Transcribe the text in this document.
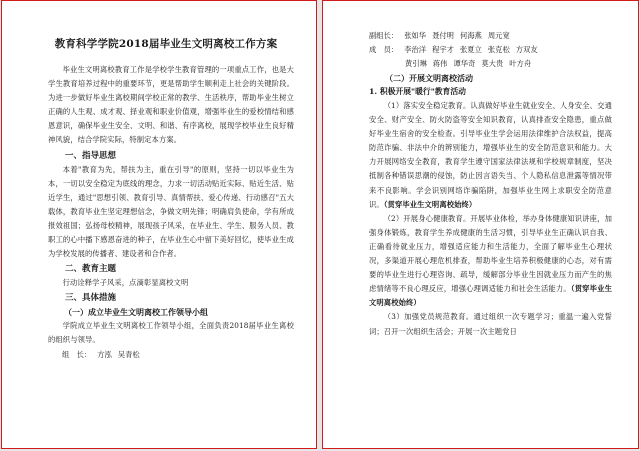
教育科学学院2018届毕业生文明离校工作方案

毕业生文明离校教育工作是学校学生教育管理的一项重点工作，也是大学生教育培养过程中的重要环节，更是帮助学生顺利走上社会的关键阶段。为进一步做好毕业生离校期间学校正常的教学、生活秩序，帮助毕业生树立正确的人生观、成才观、择业观和职业价值观，增强毕业生的爱校情结和感恩意识，确保毕业生安全、文明、和谐、有序离校，展现学校毕业生良好精神风貌，结合学院实际，特制定本方案。

一、指导思想

本着"教育为先，帮扶为主，重在引导"的原则，坚持一切以毕业生为本，一切以安全稳定为底线的理念，力求一切活动贴近实际、贴近生活、贴近学生，通过"思想引领、教育引导、真情帮扶、爱心传递、行动感召"五大载体，教育毕业生坚定理想信念，争做文明先锋；明确肩负使命，学有所成报效祖国；弘扬母校精神，展现孩子风采，在毕业生、学生、服务人员、教职工的心中播下感恩奋进的种子，在毕业生心中留下美好回忆，使毕业生成为学校发展的传播者、建设者和合作者。

二、教育主题

行动诠释学子风采，点滴彰显离校文明

三、具体措施
（一）成立毕业生文明离校工作领导小组

学院成立毕业生文明离校工作领导小组，全面负责2018届毕业生离校的组织与领导。

组　长： 方泓 吴青松
副组长： 张如华 聂付明 何海燕 周元宽
成　员： 李治洋 程宇才 张夏立 张克松 方双友
黄引琳 蒋伟 谭华奇 莫大贵 叶方舟
（二）开展文明离校活动
1. 积极开展"暖行"教育活动

（1）落实安全稳定教育。认真做好毕业生就业安全、人身安全、交通安全、财产安全、防火防盗等安全知识教育，认真排查安全隐患，重点做好毕业生宿舍的安全检查。引导毕业生学会运用法律维护合法权益，提高防范诈骗、非法中介的辨别能力，增强毕业生的安全防范意识和能力。大力开展网络安全教育，教育学生遵守国家法律法规和学校规章制度，坚决抵制各种错误思潮的侵蚀，防止因言语失当、个人隐私信息泄露等情况带来不良影响。学会识别网络诈骗陷阱，加强毕业生网上求职安全防范意识。（贯穿毕业生文明离校始终）

（2）开展身心健康教育。开展毕业体检，举办身体健康知识讲座，加强身体锻炼，教育学生养成健康的生活习惯，引导毕业生正确认识自我、正确看待就业压力，增强适应能力和生活能力，全面了解毕业生心理状况，多渠道开展心理危机排查，帮助毕业生培养积极健康的心态，对有需要的毕业生进行心理咨询、疏导，缓解部分毕业生因就业压力而产生的焦虑情绪等不良心理反应，增强心理调适能力和社会生活能力。（贯穿毕业生文明离校始终）

（3）加强党员规范教育。通过组织一次专题学习；重温一遍入党誓词；召开一次组织生活会；开展一次主题党日
